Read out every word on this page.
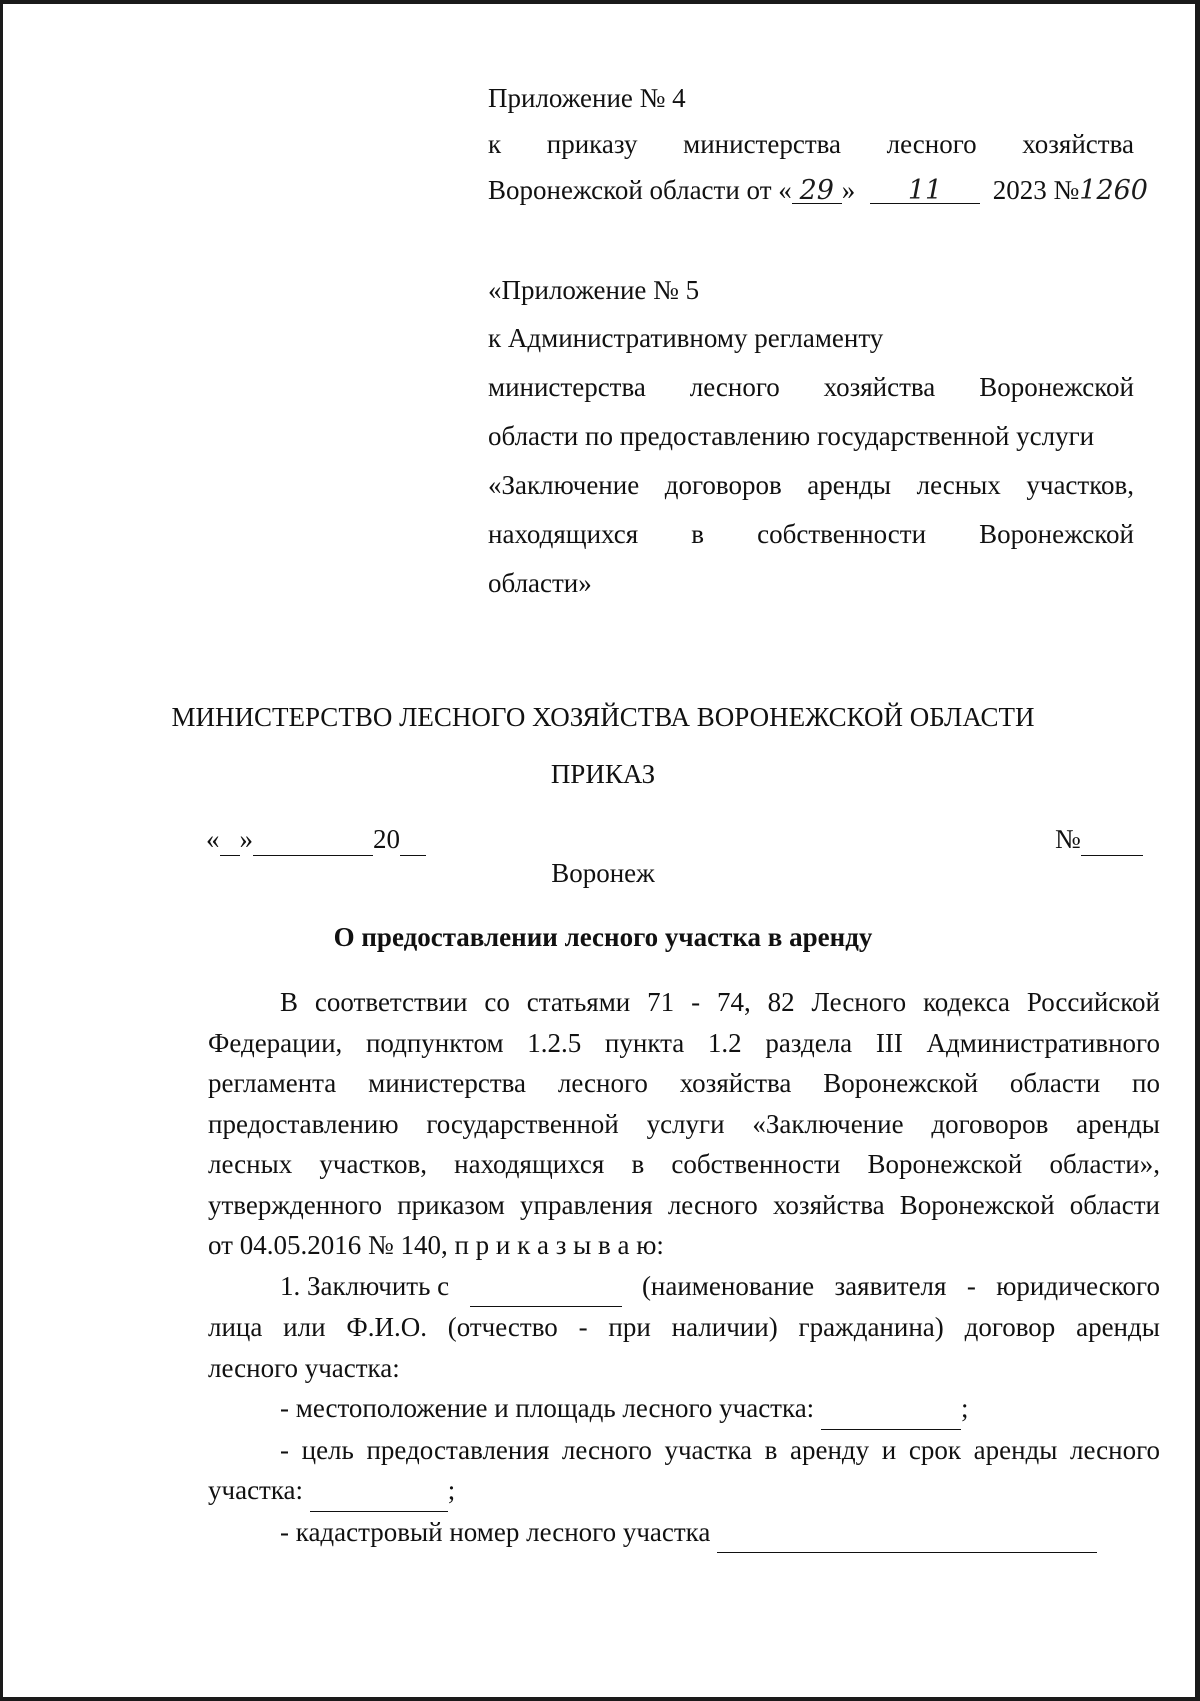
Приложение № 4
к приказу министерства лесного хозяйства
Воронежской области от « 29 » 11 2023 №1260
«Приложение № 5
к Административному регламенту
министерства лесного хозяйства Воронежской
области по предоставлению государственной услуги
«Заключение договоров аренды лесных участков,
находящихся в собственности Воронежской
области»
МИНИСТЕРСТВО ЛЕСНОГО ХОЗЯЙСТВА ВОРОНЕЖСКОЙ ОБЛАСТИ
ПРИКАЗ
« »	20	№
Воронеж
О предоставлении лесного участка в аренду
В соответствии со статьями 71 - 74, 82 Лесного кодекса Российской
Федерации, подпунктом 1.2.5 пункта 1.2 раздела III Административного
регламента министерства лесного хозяйства Воронежской области по
предоставлению государственной услуги «Заключение договоров аренды
лесных участков, находящихся в собственности Воронежской области»,
утвержденного приказом управления лесного хозяйства Воронежской области
от 04.05.2016 № 140, п р и к а з ы в а ю:
1. Заключить с
	(наименование заявителя - юридического
лица или Ф.И.О. (отчество - при наличии) гражданина) договор аренды
лесного участка:
- местоположение и площадь лесного участка:	;
- цель предоставления лесного участка в аренду и срок аренды лесного
участка:	;
- кадастровый номер лесного участка
